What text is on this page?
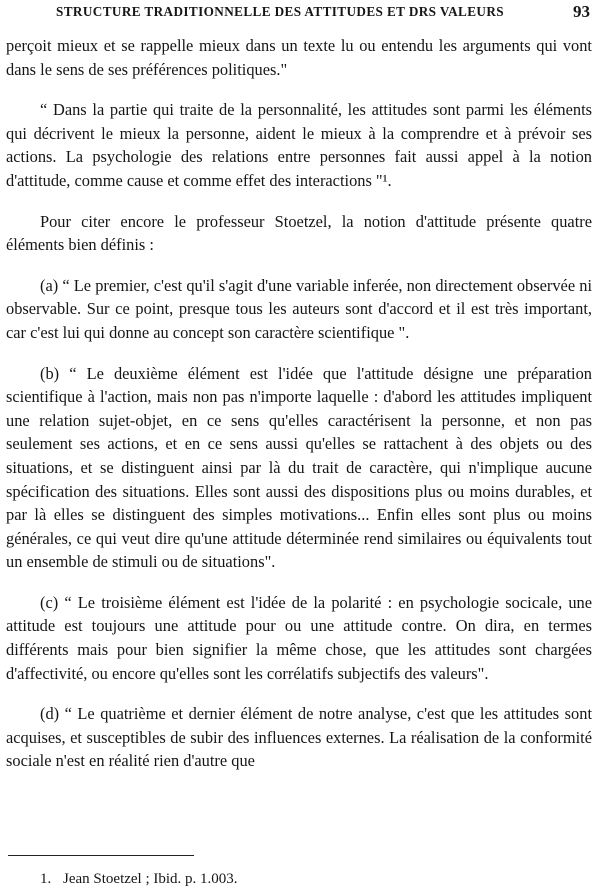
STRUCTURE TRADITIONNELLE DES ATTITUDES ET DRS VALEURS	93

perçoit mieux et se rappelle mieux dans un texte lu ou entendu les arguments qui vont dans le sens de ses préférences politiques."

“ Dans la partie qui traite de la personnalité, les attitudes sont parmi les éléments qui décrivent le mieux la personne, aident le mieux à la comprendre et à prévoir ses actions. La psychologie des relations entre personnes fait aussi appel à la notion d'attitude, comme cause et comme effet des interactions "¹.

Pour citer encore le professeur Stoetzel, la notion d'attitude présente quatre éléments bien définis :

(a) “ Le premier, c'est qu'il s'agit d'une variable inferée, non directement observée ni observable. Sur ce point, presque tous les auteurs sont d'accord et il est très important, car c'est lui qui donne au concept son caractère scientifique ".

(b) “ Le deuxième élément est l'idée que l'attitude désigne une préparation scientifique à l'action, mais non pas n'importe laquelle : d'abord les attitudes impliquent une relation sujet-objet, en ce sens qu'elles caractérisent la personne, et non pas seulement ses actions, et en ce sens aussi qu'elles se rattachent à des objets ou des situations, et se distinguent ainsi par là du trait de caractère, qui n'implique aucune spécification des situations. Elles sont aussi des dispositions plus ou moins durables, et par là elles se distinguent des simples motivations... Enfin elles sont plus ou moins générales, ce qui veut dire qu'une attitude déterminée rend similaires ou équivalents tout un ensemble de stimuli ou de situations".

(c) “ Le troisième élément est l'idée de la polarité : en psychologie socicale, une attitude est toujours une attitude pour ou une attitude contre. On dira, en termes différents mais pour bien signifier la même chose, que les attitudes sont chargées d'affectivité, ou encore qu'elles sont les corrélatifs subjectifs des valeurs".

(d) “ Le quatrième et dernier élément de notre analyse, c'est que les attitudes sont acquises, et susceptibles de subir des influences externes. La réalisation de la conformité sociale n'est en réalité rien d'autre que

1. Jean Stoetzel ; Ibid. p. 1.003.
